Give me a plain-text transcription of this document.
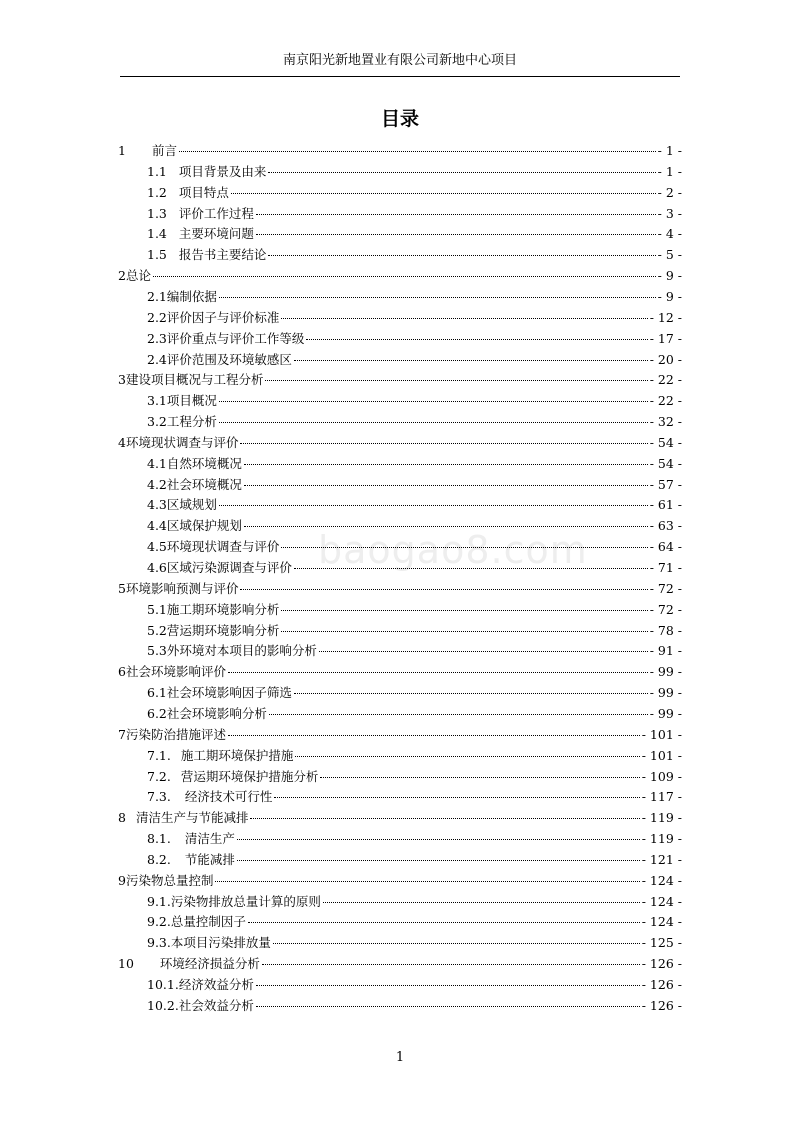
南京阳光新地置业有限公司新地中心项目
目录
baogao8.com
1 前言	- 1 -
1.1 项目背景及由来	- 1 -
1.2 项目特点	- 2 -
1.3 评价工作过程	- 3 -
1.4 主要环境问题	- 4 -
1.5 报告书主要结论	- 5 -
2总论	- 9 -
2.1编制依据	- 9 -
2.2评价因子与评价标准	- 12 -
2.3评价重点与评价工作等级	- 17 -
2.4评价范围及环境敏感区	- 20 -
3建设项目概况与工程分析	- 22 -
3.1项目概况	- 22 -
3.2工程分析	- 32 -
4环境现状调查与评价	- 54 -
4.1自然环境概况	- 54 -
4.2社会环境概况	- 57 -
4.3区域规划	- 61 -
4.4区域保护规划	- 63 -
4.5环境现状调查与评价	- 64 -
4.6区域污染源调查与评价	- 71 -
5环境影响预测与评价	- 72 -
5.1施工期环境影响分析	- 72 -
5.2营运期环境影响分析	- 78 -
5.3外环境对本项目的影响分析	- 91 -
6社会环境影响评价	- 99 -
6.1社会环境影响因子筛选	- 99 -
6.2社会环境影响分析	- 99 -
7污染防治措施评述	- 101 -
7.1. 施工期环境保护措施	- 101 -
7.2. 营运期环境保护措施分析	- 109 -
7.3. 经济技术可行性	- 117 -
8 清洁生产与节能减排	- 119 -
8.1. 清洁生产	- 119 -
8.2. 节能减排	- 121 -
9污染物总量控制	- 124 -
9.1.污染物排放总量计算的原则	- 124 -
9.2.总量控制因子	- 124 -
9.3.本项目污染排放量	- 125 -
10 环境经济损益分析	- 126 -
10.1.经济效益分析	- 126 -
10.2.社会效益分析	- 126 -
1
